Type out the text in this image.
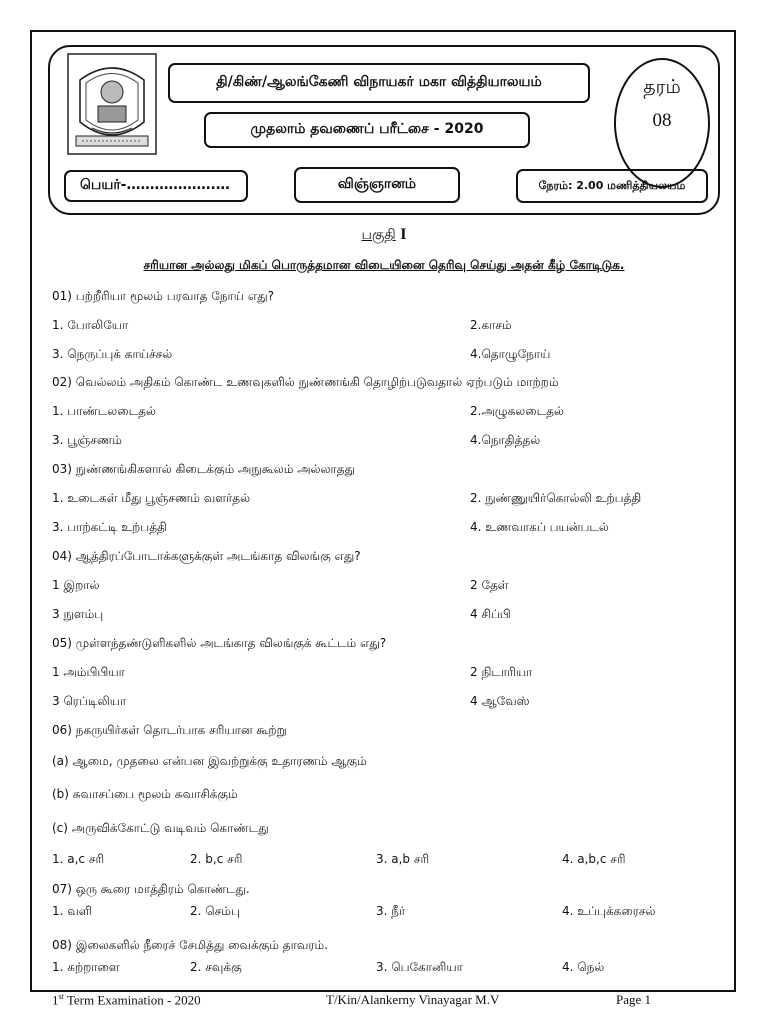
தி/கிண்/ஆலங்கேணி விநாயகர் மகா வித்தியாலயம்
முதலாம் தவணைப் பரீட்சை - 2020
பெயர்-……………….…	விஞ்ஞானம்	நேரம்: 2.00 மணித்தியலயம்
தரம்
08
பகுதி I
சரியான அல்லது மிகப் பொருத்தமான விடையினை தெரிவு செய்து அதன் கீழ் கோடிடுக.
01) பற்றீரியா மூலம் பரவாத நோய் எது?
1. போலியோ	2.காசம்
3. நெருப்புக் காய்ச்சல்	4.தொழுநோய்
02) வெல்லம் அதிகம் கொண்ட உணவுகளில் நுண்ணங்கி தொழிற்படுவதால் ஏற்படும் மாற்றம்
1. பாண்டலடைதல்	2.அழுகலடைதல்
3. பூஞ்சணம்	4.நொதித்தல்
03) நுண்ணங்கிகளால் கிடைக்கும் அநுகூலம் அல்லாதது
1. உடைகள் மீது பூஞ்சணம் வளர்தல்	2. நுண்ணுயிர்கொல்லி உற்பத்தி
3. பாற்கட்டி உற்பத்தி	4. உணவாகப் பயன்படல்
04) ஆத்திரப்போடாக்களுக்குள் அடங்காத விலங்கு எது?
1 இறால்	2 தேள்
3 நுளம்பு	4 சிப்பி
05) முள்ளந்தண்டுளிகளில் அடங்காத விலங்குக் கூட்டம் எது?
1 அம்பிபியா	2 நிடாரியா
3 ரெப்டிலியா	4 ஆவேஸ்
06) நகருயிர்கள் தொடர்பாக சரியான கூற்று
(a) ஆமை, முதலை என்பன இவற்றுக்கு உதாரணம் ஆகும்
(b) சுவாசப்பை மூலம் சுவாசிக்கும்
(c) அருவிக்கோட்டு வடிவம் கொண்டது
1. a,c சரி	2. b,c சரி	3. a,b சரி	4. a,b,c சரி
07) ஒரு கூரை மாத்திரம் கொண்டது.
1. வளி	2. செம்பு	3. நீர்	4. உப்புக்கரைசல்
08) இலைகளில் நீரைச் சேமித்து வைக்கும் தாவரம்.
1. கற்றாளை	2. சவுக்கு	3. பெகோனியா	4. நெல்
1st Term Examination - 2020	T/Kin/Alankerny Vinayagar M.V	Page 1
